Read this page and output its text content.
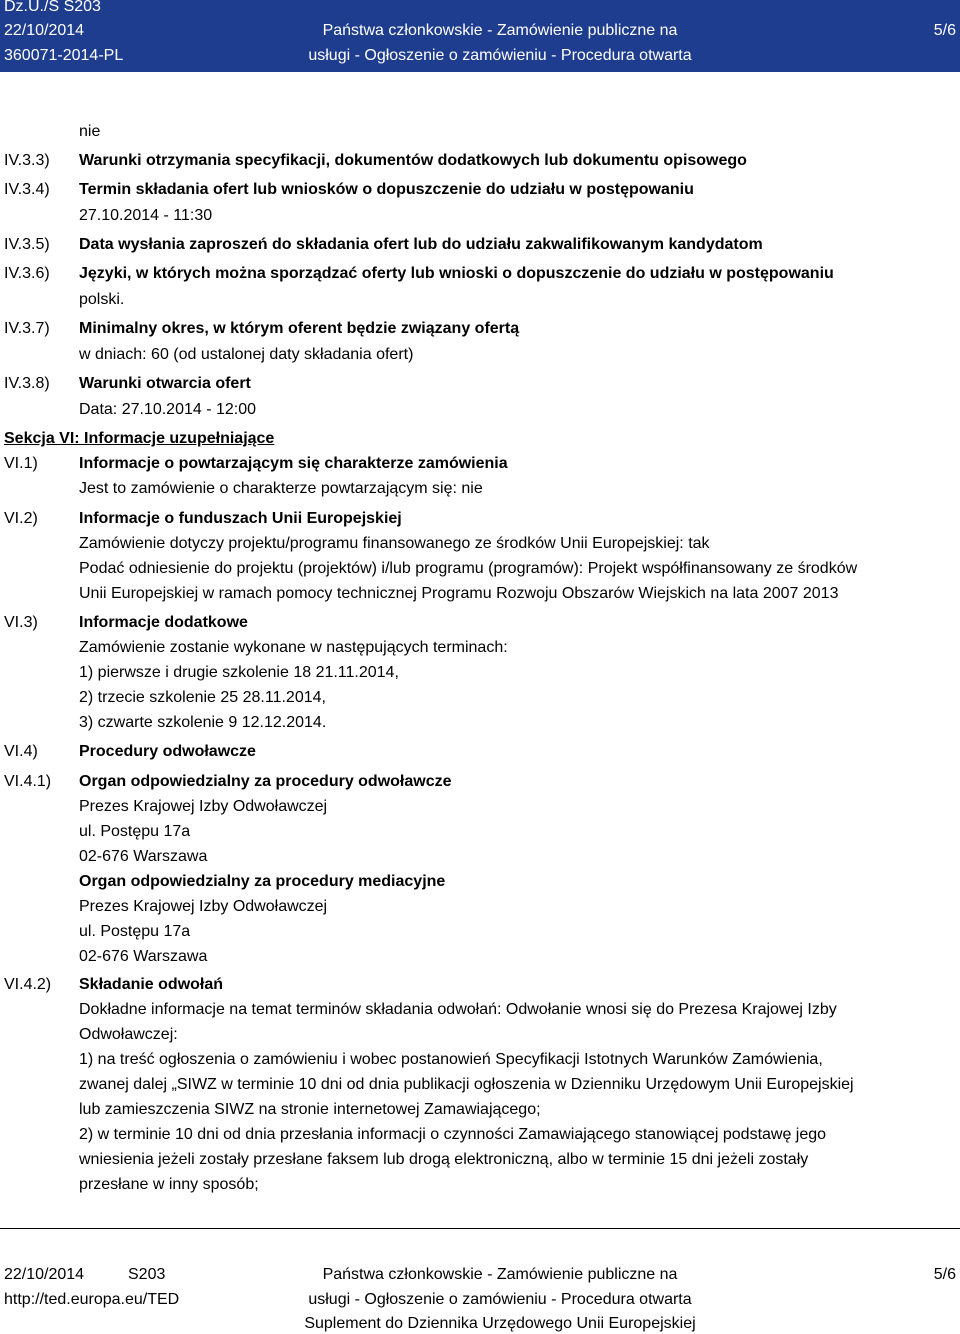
Dz.U./S S203
22/10/2014
360071-2014-PL
Państwa członkowskie - Zamówienie publiczne na
usługi - Ogłoszenie o zamówieniu - Procedura otwarta
5/6
nie
IV.3.3) Warunki otrzymania specyfikacji, dokumentów dodatkowych lub dokumentu opisowego
IV.3.4) Termin składania ofert lub wniosków o dopuszczenie do udziału w postępowaniu
27.10.2014 - 11:30
IV.3.5) Data wysłania zaproszeń do składania ofert lub do udziału zakwalifikowanym kandydatom
IV.3.6) Języki, w których można sporządzać oferty lub wnioski o dopuszczenie do udziału w postępowaniu
polski.
IV.3.7) Minimalny okres, w którym oferent będzie związany ofertą
w dniach: 60 (od ustalonej daty składania ofert)
IV.3.8) Warunki otwarcia ofert
Data: 27.10.2014 - 12:00
Sekcja VI: Informacje uzupełniające
VI.1)	Informacje o powtarzającym się charakterze zamówienia
Jest to zamówienie o charakterze powtarzającym się: nie
VI.2)	Informacje o funduszach Unii Europejskiej
Zamówienie dotyczy projektu/programu finansowanego ze środków Unii Europejskiej: tak
Podać odniesienie do projektu (projektów) i/lub programu (programów): Projekt współfinansowany ze środków
Unii Europejskiej w ramach pomocy technicznej Programu Rozwoju Obszarów Wiejskich na lata 2007 2013
VI.3)	Informacje dodatkowe
Zamówienie zostanie wykonane w następujących terminach:
1) pierwsze i drugie szkolenie 18 21.11.2014,
2) trzecie szkolenie 25 28.11.2014,
3) czwarte szkolenie 9 12.12.2014.
VI.4)	Procedury odwoławcze
VI.4.1) Organ odpowiedzialny za procedury odwoławcze
Prezes Krajowej Izby Odwoławczej
ul. Postępu 17a
02-676 Warszawa
Organ odpowiedzialny za procedury mediacyjne
Prezes Krajowej Izby Odwoławczej
ul. Postępu 17a
02-676 Warszawa
VI.4.2) Składanie odwołań
Dokładne informacje na temat terminów składania odwołań: Odwołanie wnosi się do Prezesa Krajowej Izby
Odwoławczej:
1) na treść ogłoszenia o zamówieniu i wobec postanowień Specyfikacji Istotnych Warunków Zamówienia,
zwanej dalej „SIWZ w terminie 10 dni od dnia publikacji ogłoszenia w Dzienniku Urzędowym Unii Europejskiej
lub zamieszczenia SIWZ na stronie internetowej Zamawiającego;
2) w terminie 10 dni od dnia przesłania informacji o czynności Zamawiającego stanowiącej podstawę jego
wniesienia jeżeli zostały przesłane faksem lub drogą elektroniczną, albo w terminie 15 dni jeżeli zostały
przesłane w inny sposób;
22/10/2014	S203
http://ted.europa.eu/TED
Państwa członkowskie - Zamówienie publiczne na
usługi - Ogłoszenie o zamówieniu - Procedura otwarta
Suplement do Dziennika Urzędowego Unii Europejskiej
5/6
